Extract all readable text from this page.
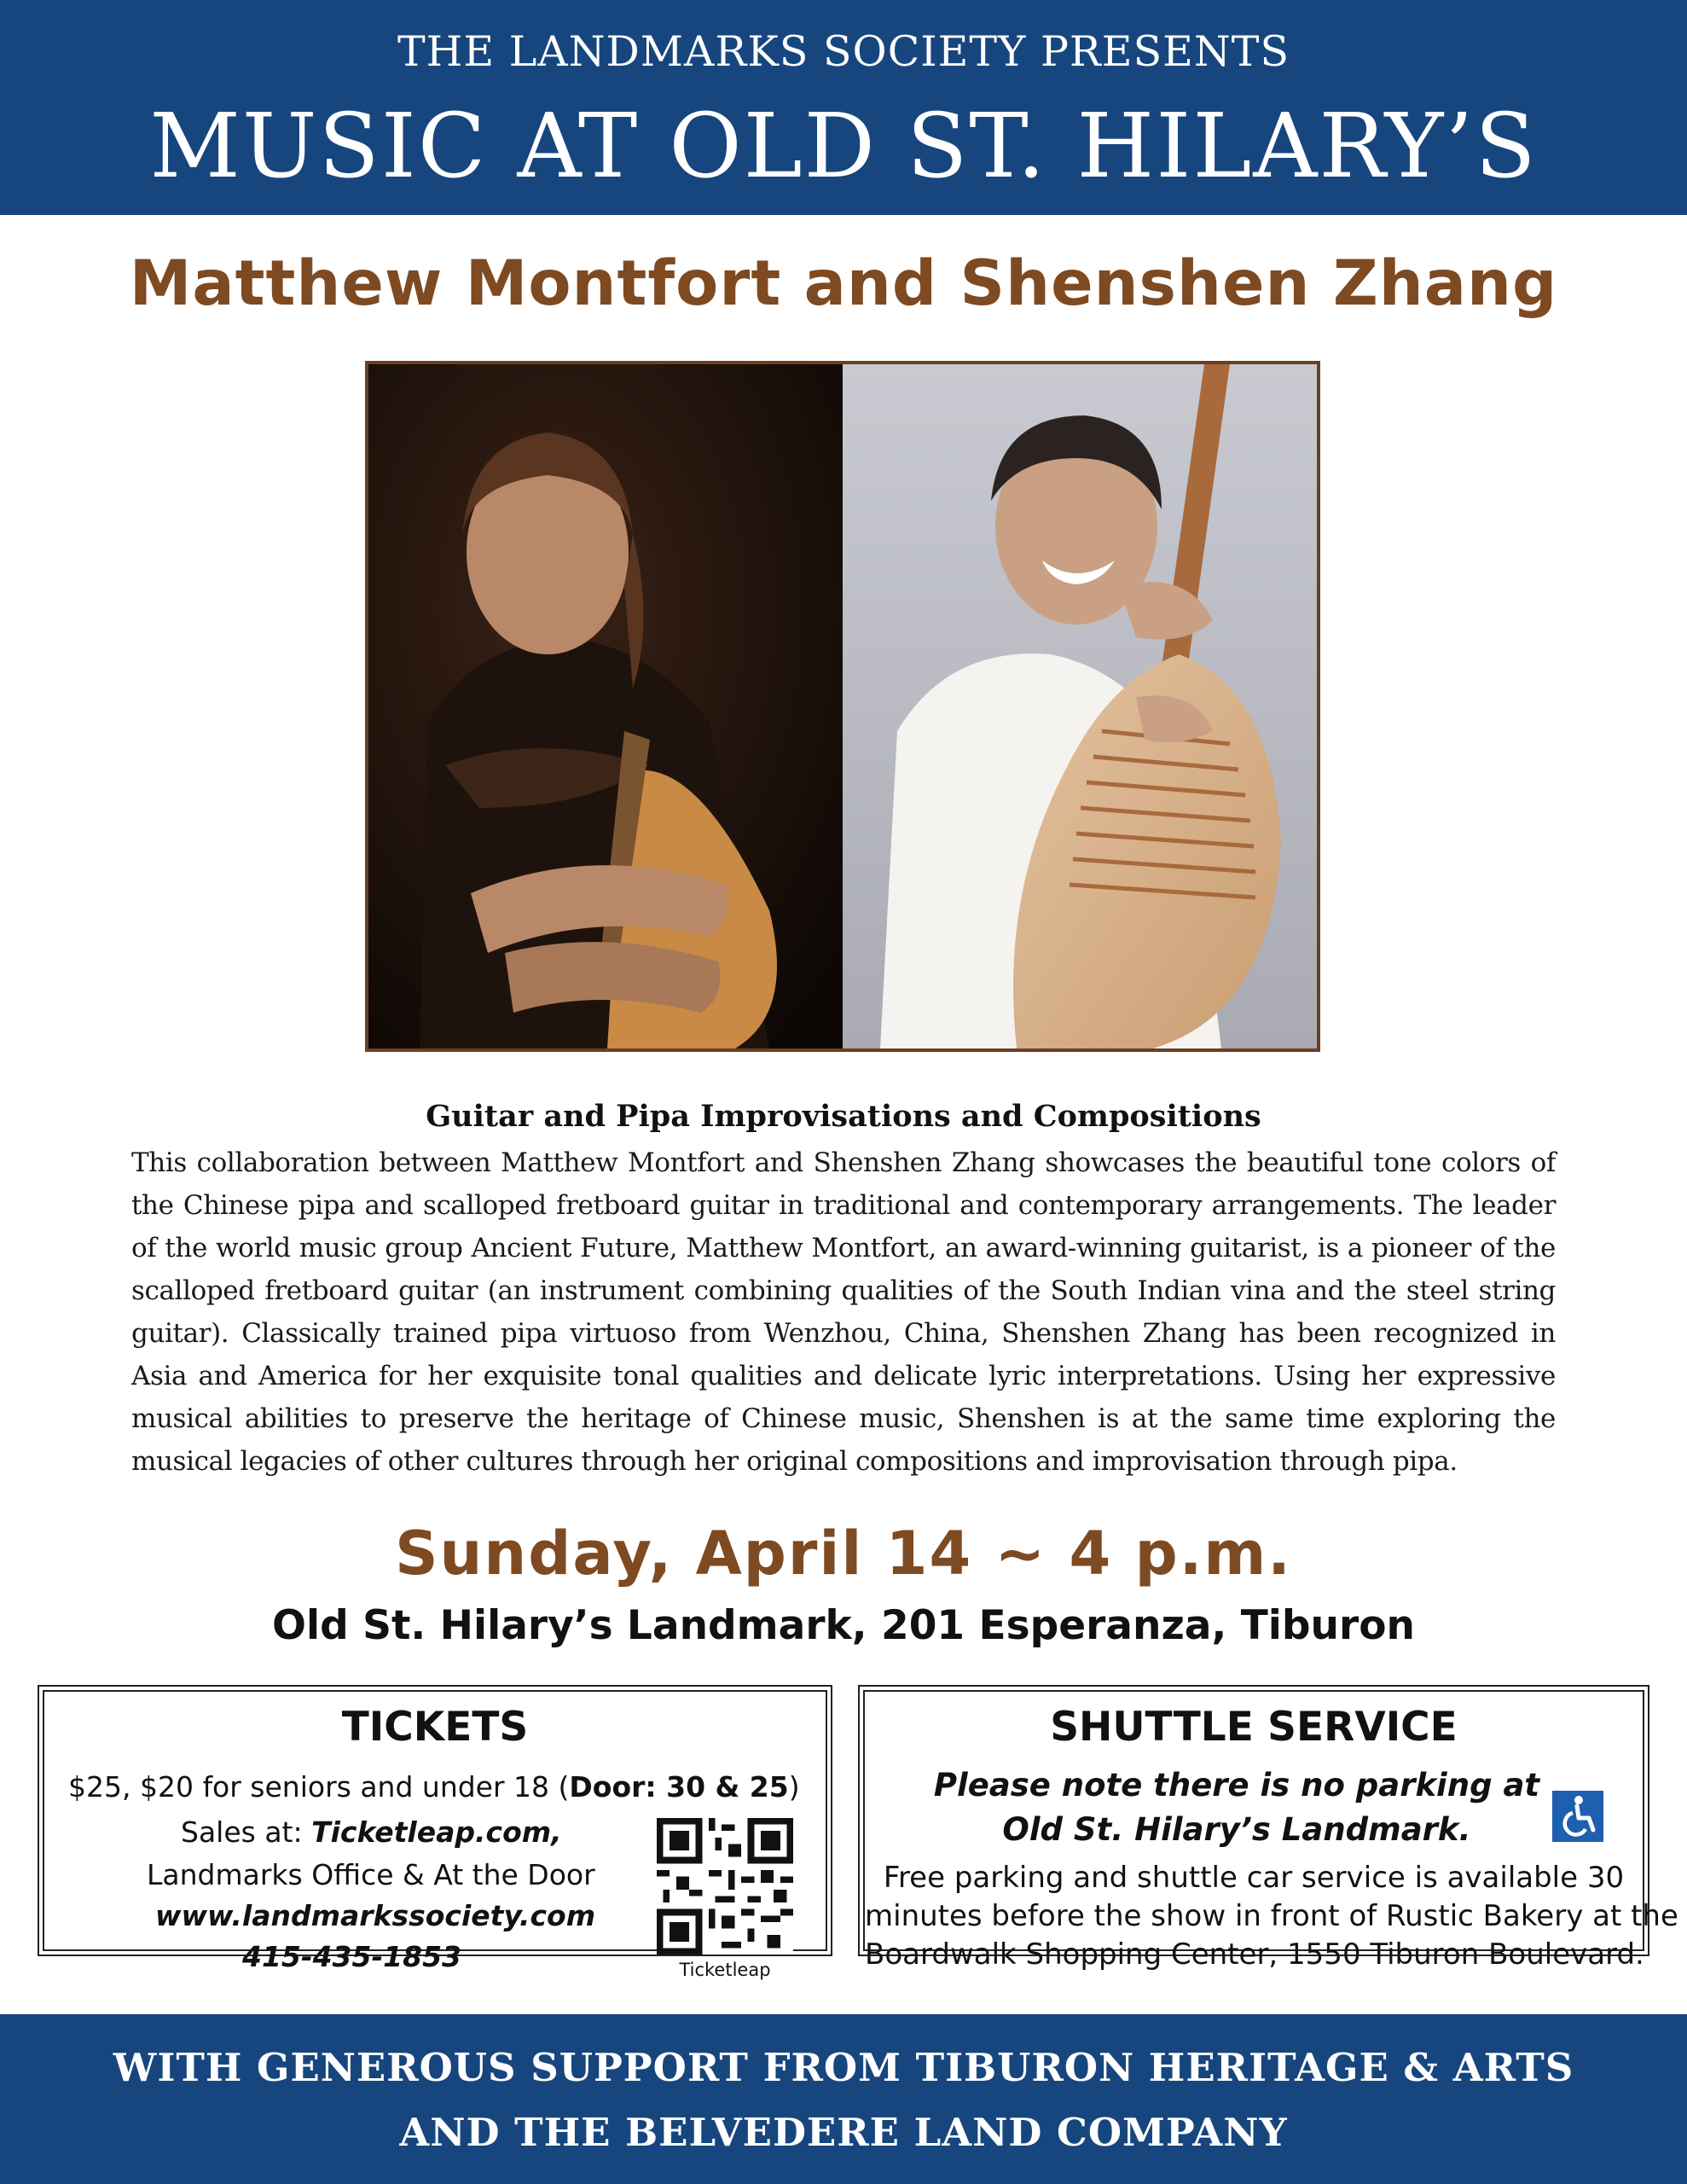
THE LANDMARKS SOCIETY PRESENTS
MUSIC AT OLD ST. HILARY’S
Matthew Montfort and Shenshen Zhang
Guitar and Pipa Improvisations and Compositions
This collaboration between Matthew Montfort and Shenshen Zhang showcases the beautiful tone colors of the Chinese pipa and scalloped fretboard guitar in traditional and contemporary arrangements. The leader of the world music group Ancient Future, Matthew Montfort, an award-winning guitarist, is a pioneer of the scalloped fretboard guitar (an instrument combining qualities of the South Indian vina and the steel string guitar). Classically trained pipa virtuoso from Wenzhou, China, Shenshen Zhang has been recognized in Asia and America for her exquisite tonal qualities and delicate lyric interpretations. Using her expressive musical abilities to preserve the heritage of Chinese music, Shenshen is at the same time exploring the musical legacies of other cultures through her original compositions and improvisation through pipa.
Sunday, April 14 ~ 4 p.m.
Old St. Hilary’s Landmark, 201 Esperanza, Tiburon
TICKETS
$25, $20 for seniors and under 18 (Door: 30 & 25)
Sales at: Ticketleap.com,
Landmarks Office & At the Door
www.landmarkssociety.com
415-435-1853	Ticketleap
SHUTTLE SERVICE
Please note there is no parking at
Old St. Hilary’s Landmark.
Free parking and shuttle car service is available 30
minutes before the show in front of Rustic Bakery at the
Boardwalk Shopping Center, 1550 Tiburon Boulevard.
WITH GENEROUS SUPPORT FROM TIBURON HERITAGE & ARTS
AND THE BELVEDERE LAND COMPANY
